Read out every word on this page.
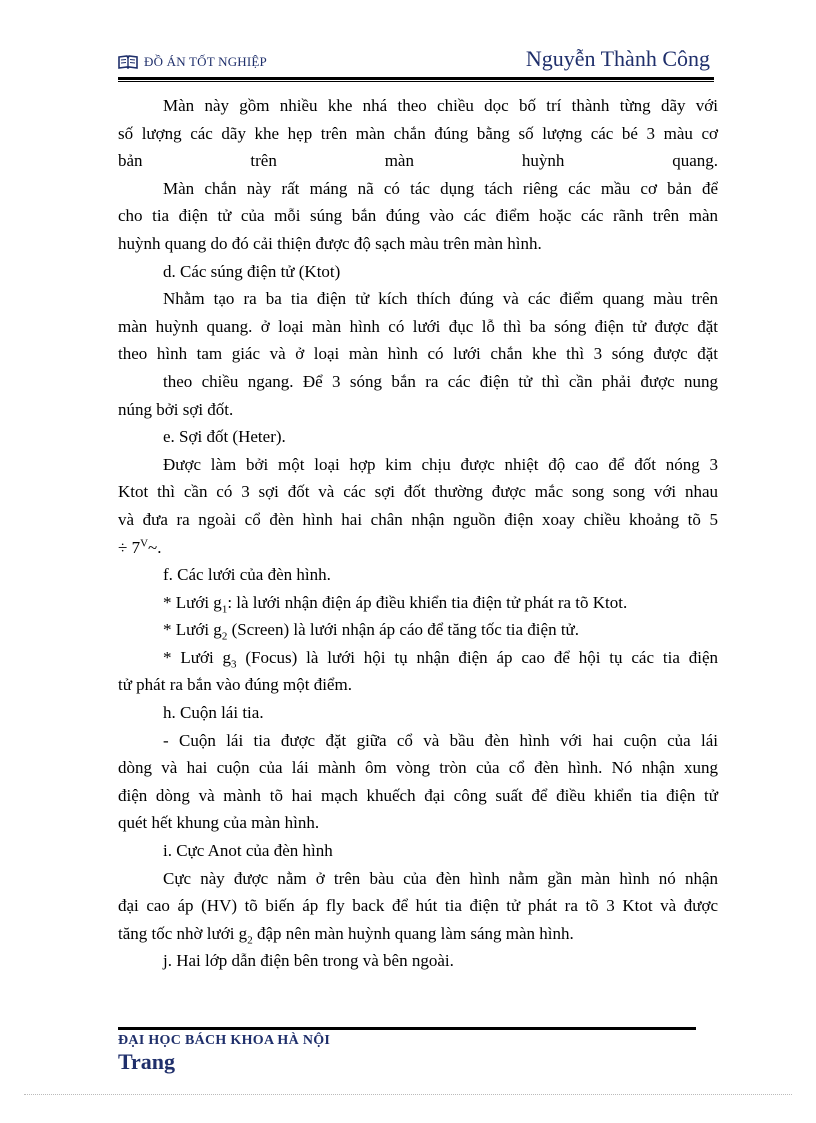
ĐỒ ÁN TỐT NGHIỆP	Nguyễn Thành Công
Màn này gồm nhiều khe nhá theo chiều dọc bố trí thành từng dãy với
số lượng các dãy khe hẹp trên màn chắn đúng bằng số lượng các bé 3 màu cơ
bản trên màn huỳnh quang.
Màn chắn này rất máng nã có tác dụng tách riêng các mầu cơ bản để
cho tia điện tử của mỗi súng bắn đúng vào các điểm hoặc các rãnh trên màn
huỳnh quang do đó cải thiện được độ sạch màu trên màn hình.
d. Các súng điện tử (Ktot)
Nhằm tạo ra ba tia điện tử kích thích đúng và các điểm quang màu trên
màn huỳnh quang. ở loại màn hình có lưới đục lỗ thì ba sóng điện tử được đặt
theo hình tam giác và ở loại màn hình có lưới chắn khe thì 3 sóng được đặt
theo chiều ngang. Để 3 sóng bắn ra các điện tử thì cần phải được nung
núng bởi sợi đốt.
e. Sợi đốt (Heter).
Được làm bởi một loại hợp kim chịu được nhiệt độ cao để đốt nóng 3
Ktot thì cần có 3 sợi đốt và các sợi đốt thường được mắc song song với nhau
và đưa ra ngoài cổ đèn hình hai chân nhận nguồn điện xoay chiều khoảng tõ 5
÷ $7^V\sim$.
f. Các lưới của đèn hình.
* Lưới $g_1$: là lưới nhận điện áp điều khiển tia điện tử phát ra tõ Ktot.
* Lưới $g_2$ (Screen) là lưới nhận áp cáo để tăng tốc tia điện tử.
* Lưới $g_3$ (Focus) là lưới hội tụ nhận điện áp cao để hội tụ các tia điện
tử phát ra bắn vào đúng một điểm.
h. Cuộn lái tia.
- Cuộn lái tia được đặt giữa cổ và bầu đèn hình với hai cuộn của lái
dòng và hai cuộn của lái mành ôm vòng tròn của cổ đèn hình. Nó nhận xung
điện dòng và mành tõ hai mạch khuếch đại công suất để điều khiển tia điện tử
quét hết khung của màn hình.
i. Cực Anot của đèn hình
Cực này được nằm ở trên bàu của đèn hình nằm gần màn hình nó nhận
đại cao áp (HV) tõ biến áp fly back để hút tia điện tử phát ra tõ 3 Ktot và được
tăng tốc nhờ lưới $g_2$ đập nên màn huỳnh quang làm sáng màn hình.
j. Hai lớp dẫn điện bên trong và bên ngoài.
ĐẠI HỌC BÁCH KHOA HÀ NỘI
Trang
